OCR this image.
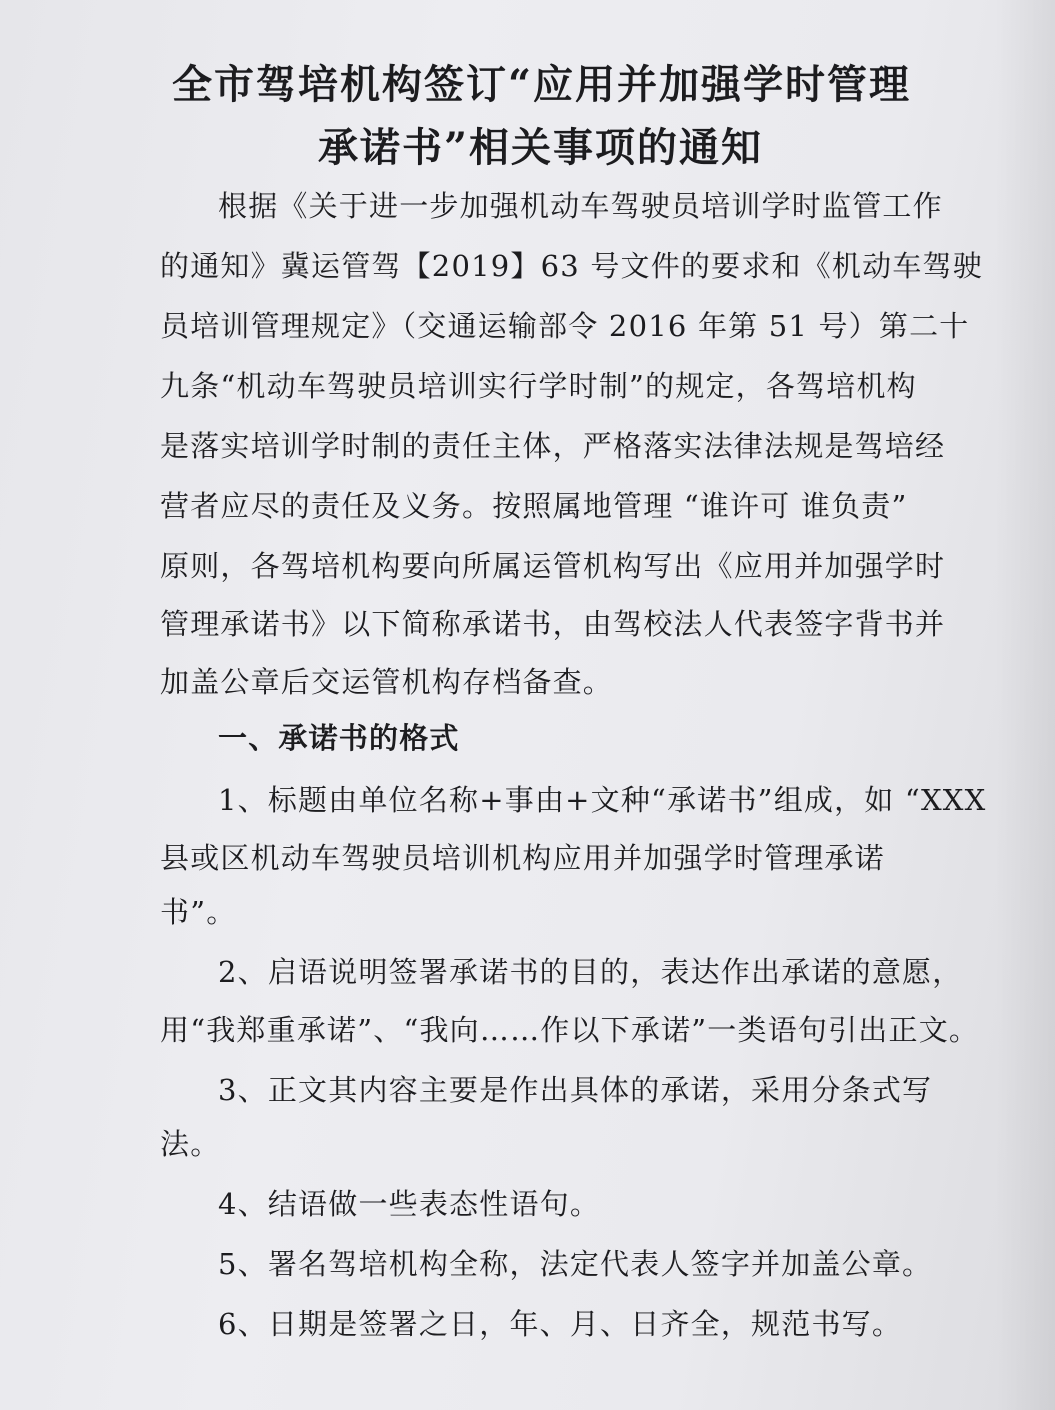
全市驾培机构签订“应用并加强学时管理
承诺书”相关事项的通知
根据《关于进一步加强机动车驾驶员培训学时监管工作
的通知》冀运管驾【2019】63 号文件的要求和《机动车驾驶
员培训管理规定》（交通运输部令 2016 年第 51 号）第二十
九条“机动车驾驶员培训实行学时制”的规定，各驾培机构
是落实培训学时制的责任主体，严格落实法律法规是驾培经
营者应尽的责任及义务。按照属地管理 “谁许可 谁负责”
原则，各驾培机构要向所属运管机构写出《应用并加强学时
管理承诺书》以下简称承诺书，由驾校法人代表签字背书并
加盖公章后交运管机构存档备查。
一、承诺书的格式
1、标题由单位名称+事由+文种“承诺书”组成，如 “XXX
县或区机动车驾驶员培训机构应用并加强学时管理承诺
书”。
2、启语说明签署承诺书的目的，表达作出承诺的意愿，
用“我郑重承诺”、“我向……作以下承诺”一类语句引出正文。
3、正文其内容主要是作出具体的承诺，采用分条式写
法。
4、结语做一些表态性语句。
5、署名驾培机构全称，法定代表人签字并加盖公章。
6、日期是签署之日，年、月、日齐全，规范书写。
